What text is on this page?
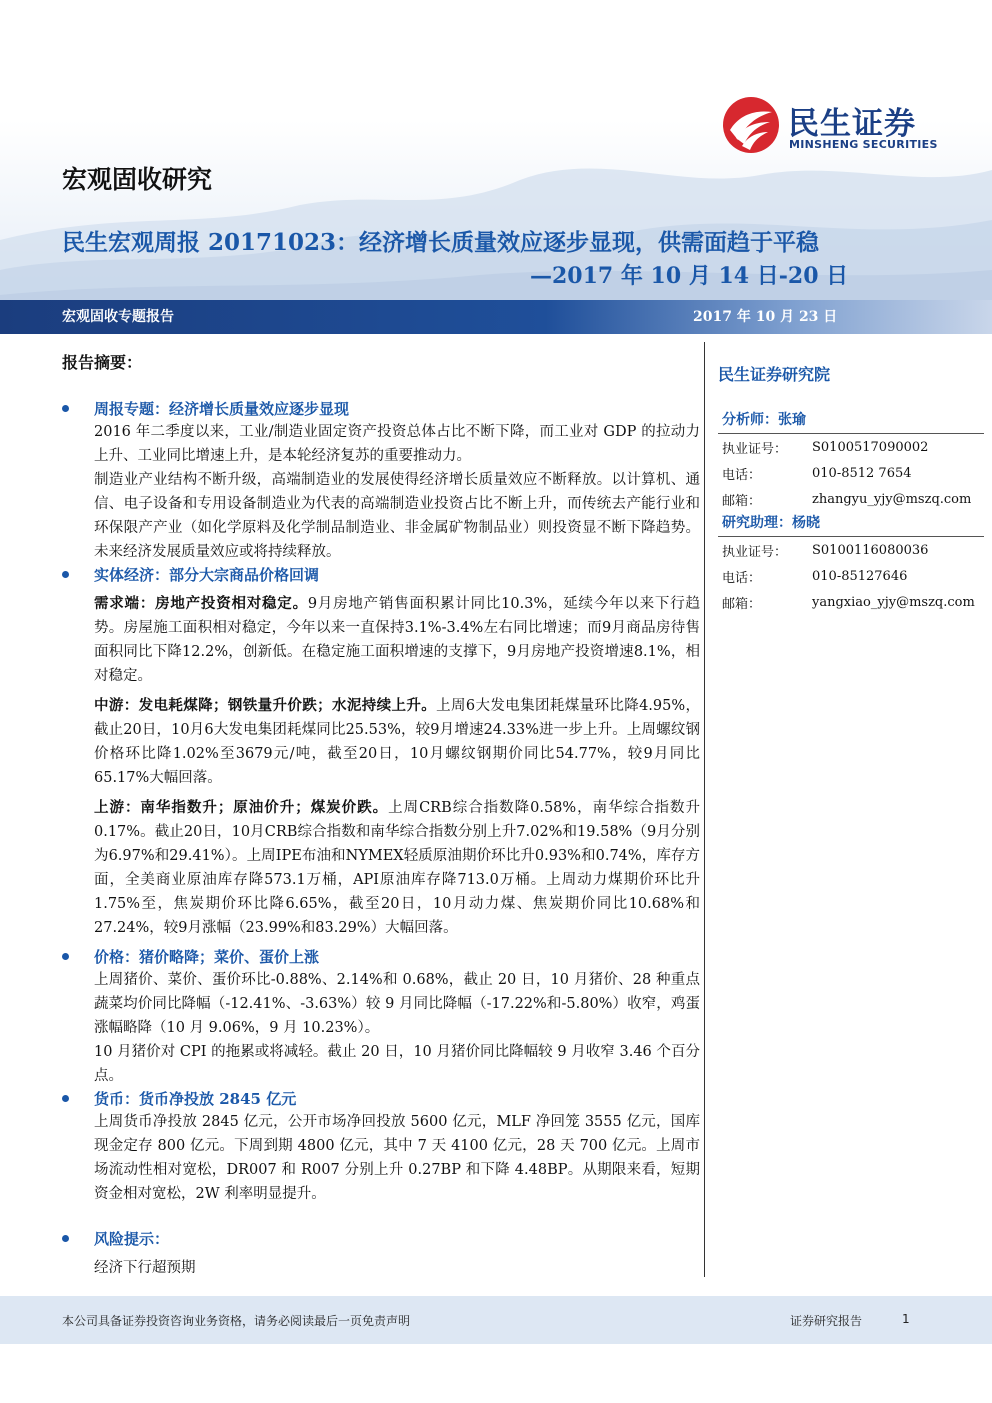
民生证券
MINSHENG SECURITIES
宏观固收研究
民生宏观周报 20171023：经济增长质量效应逐步显现，供需面趋于平稳
—2017 年 10 月 14 日-20 日
宏观固收专题报告	2017 年 10 月 23 日
报告摘要：
周报专题：经济增长质量效应逐步显现

2016 年二季度以来，工业/制造业固定资产投资总体占比不断下降，而工业对 GDP 的拉动力上升、工业同比增速上升，是本轮经济复苏的重要推动力。

制造业产业结构不断升级，高端制造业的发展使得经济增长质量效应不断释放。以计算机、通信、电子设备和专用设备制造业为代表的高端制造业投资占比不断上升，而传统去产能行业和环保限产产业（如化学原料及化学制品制造业、非金属矿物制品业）则投资显不断下降趋势。未来经济发展质量效应或将持续释放。

实体经济：部分大宗商品价格回调

需求端：房地产投资相对稳定。9月房地产销售面积累计同比10.3%，延续今年以来下行趋势。房屋施工面积相对稳定，今年以来一直保持3.1%-3.4%左右同比增速；而9月商品房待售面积同比下降12.2%，创新低。在稳定施工面积增速的支撑下，9月房地产投资增速8.1%，相对稳定。

中游：发电耗煤降；钢铁量升价跌；水泥持续上升。上周6大发电集团耗煤量环比降4.95%，截止20日，10月6大发电集团耗煤同比25.53%，较9月增速24.33%进一步上升。上周螺纹钢价格环比降1.02%至3679元/吨，截至20日，10月螺纹钢期价同比54.77%，较9月同比65.17%大幅回落。

上游：南华指数升；原油价升；煤炭价跌。上周CRB综合指数降0.58%，南华综合指数升0.17%。截止20日，10月CRB综合指数和南华综合指数分别上升7.02%和19.58%（9月分别为6.97%和29.41%）。上周IPE布油和NYMEX轻质原油期价环比升0.93%和0.74%，库存方面，全美商业原油库存降573.1万桶，API原油库存降713.0万桶。上周动力煤期价环比升1.75%至，焦炭期价环比降6.65%，截至20日，10月动力煤、焦炭期价同比10.68%和27.24%，较9月涨幅（23.99%和83.29%）大幅回落。

价格：猪价略降；菜价、蛋价上涨

上周猪价、菜价、蛋价环比-0.88%、2.14%和 0.68%，截止 20 日，10 月猪价、28 种重点蔬菜均价同比降幅（-12.41%、-3.63%）较 9 月同比降幅（-17.22%和-5.80%）收窄，鸡蛋涨幅略降（10 月 9.06%，9 月 10.23%）。

10 月猪价对 CPI 的拖累或将减轻。截止 20 日，10 月猪价同比降幅较 9 月收窄 3.46 个百分点。

货币：货币净投放 2845 亿元

上周货币净投放 2845 亿元，公开市场净回投放 5600 亿元，MLF 净回笼 3555 亿元，国库现金定存 800 亿元。下周到期 4800 亿元，其中 7 天 4100 亿元，28 天 700 亿元。上周市场流动性相对宽松，DR007 和 R007 分别上升 0.27BP 和下降 4.48BP。从期限来看，短期资金相对宽松，2W 利率明显提升。

风险提示：

经济下行超预期

民生证券研究院
分析师：张瑜
执业证号：	S0100517090002
电话：	010-8512 7654
邮箱：	zhangyu_yjy@mszq.com
研究助理：杨晓
执业证号：	S0100116080036
电话：	010-85127646
邮箱：	yangxiao_yjy@mszq.com
本公司具备证券投资咨询业务资格，请务必阅读最后一页免责声明	证券研究报告	1
